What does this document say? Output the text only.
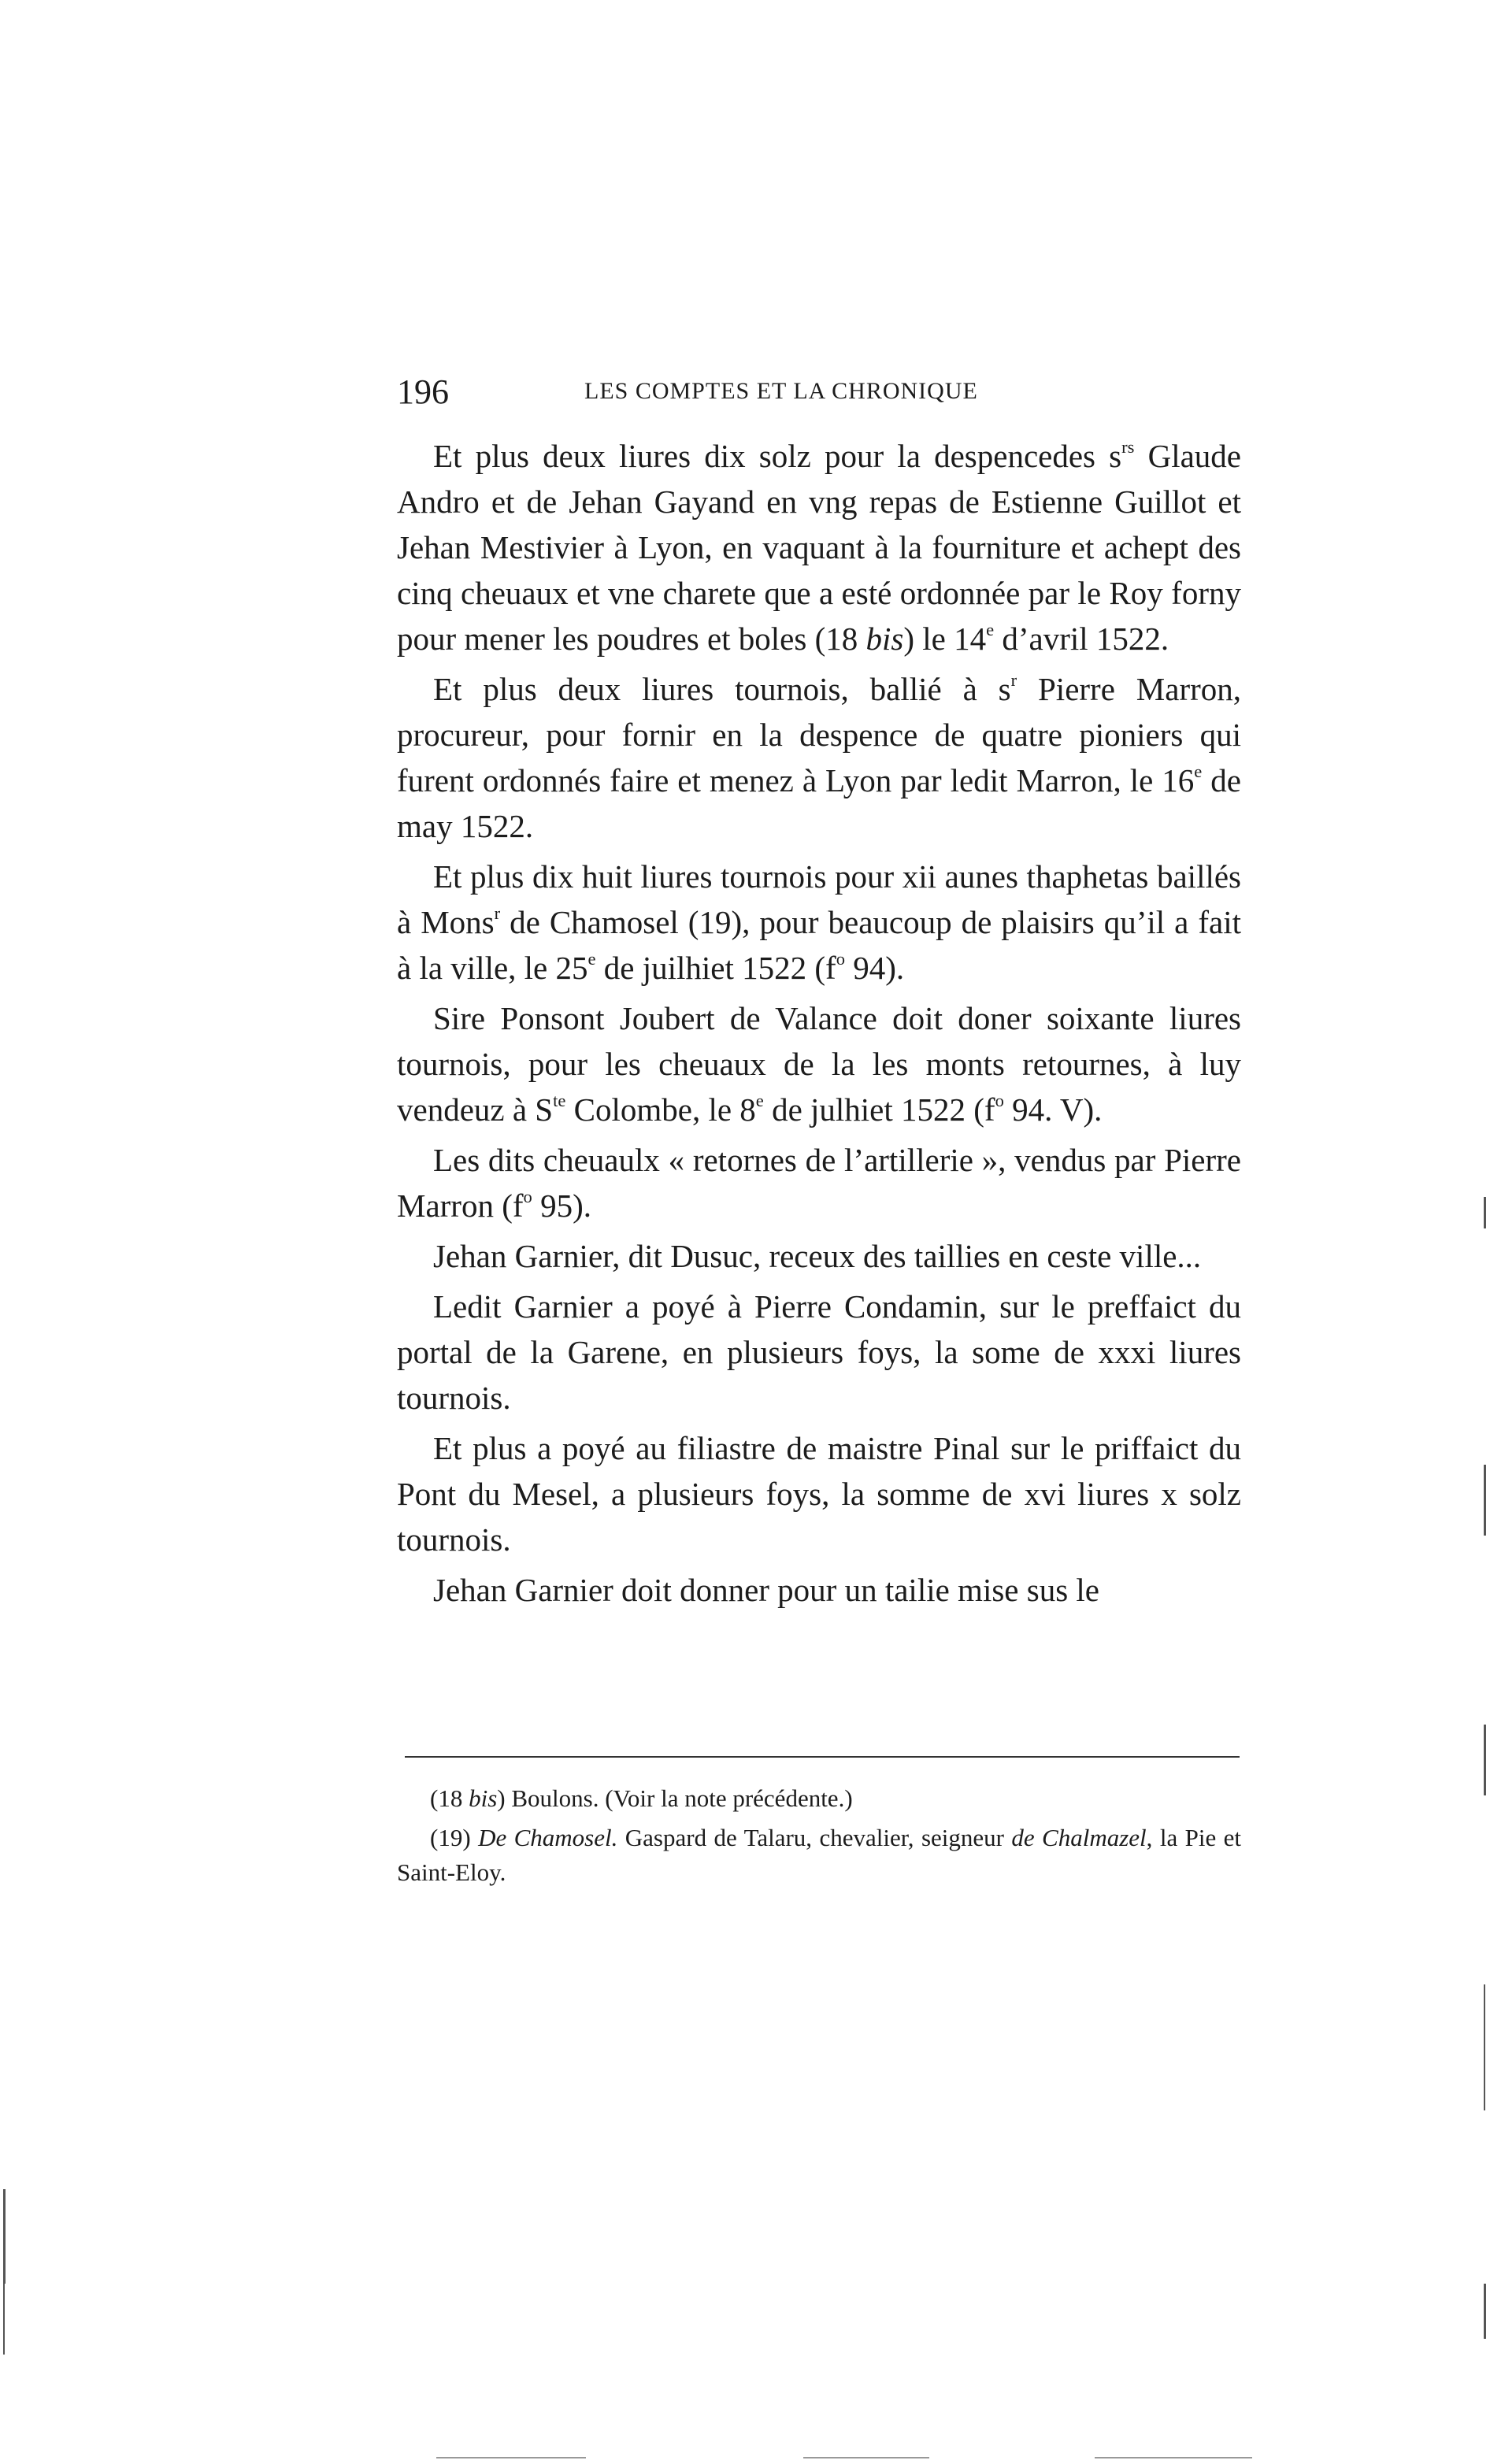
196	LES COMPTES ET LA CHRONIQUE

Et plus deux liures dix solz pour la despencedes $s^{rs}$ Glaude Andro et de Jehan Gayand en vng repas de Estienne Guillot et Jehan Mestivier à Lyon, en vaquant à la fourniture et achept des cinq cheuaux et vne charete que a esté ordonnée par le Roy forny pour mener les poudres et boles (18 bis) le 14e d’avril 1522.

Et plus deux liures tournois, ballié à $s^r$ Pierre Marron, procureur, pour fornir en la despence de quatre pioniers qui furent ordonnés faire et menez à Lyon par ledit Marron, le 16e de may 1522.

Et plus dix huit liures tournois pour xii aunes thaphetas baillés à Mons$^r$ de Chamosel (19), pour beaucoup de plaisirs qu’il a fait à la ville, le 25e de juilhiet 1522 ($f^o$ 94).

Sire Ponsont Joubert de Valance doit doner soixante liures tournois, pour les cheuaux de la les monts retournes, à luy vendeuz à $S^{te}$ Colombe, le 8e de julhiet 1522 ($f^o$ 94. V).

Les dits cheuaulx « retornes de l’artillerie », vendus par Pierre Marron ($f^o$ 95).

Jehan Garnier, dit Dusuc, receux des taillies en ceste ville...

Ledit Garnier a poyé à Pierre Condamin, sur le preffaict du portal de la Garene, en plusieurs foys, la some de xxxi liures tournois.

Et plus a poyé au filiastre de maistre Pinal sur le priffaict du Pont du Mesel, a plusieurs foys, la somme de xvi liures x solz tournois.

Jehan Garnier doit donner pour un tailie mise sus le

(18 bis) Boulons. (Voir la note précédente.)

(19) De Chamosel. Gaspard de Talaru, chevalier, seigneur de Chalmazel, la Pie et Saint-Eloy.
